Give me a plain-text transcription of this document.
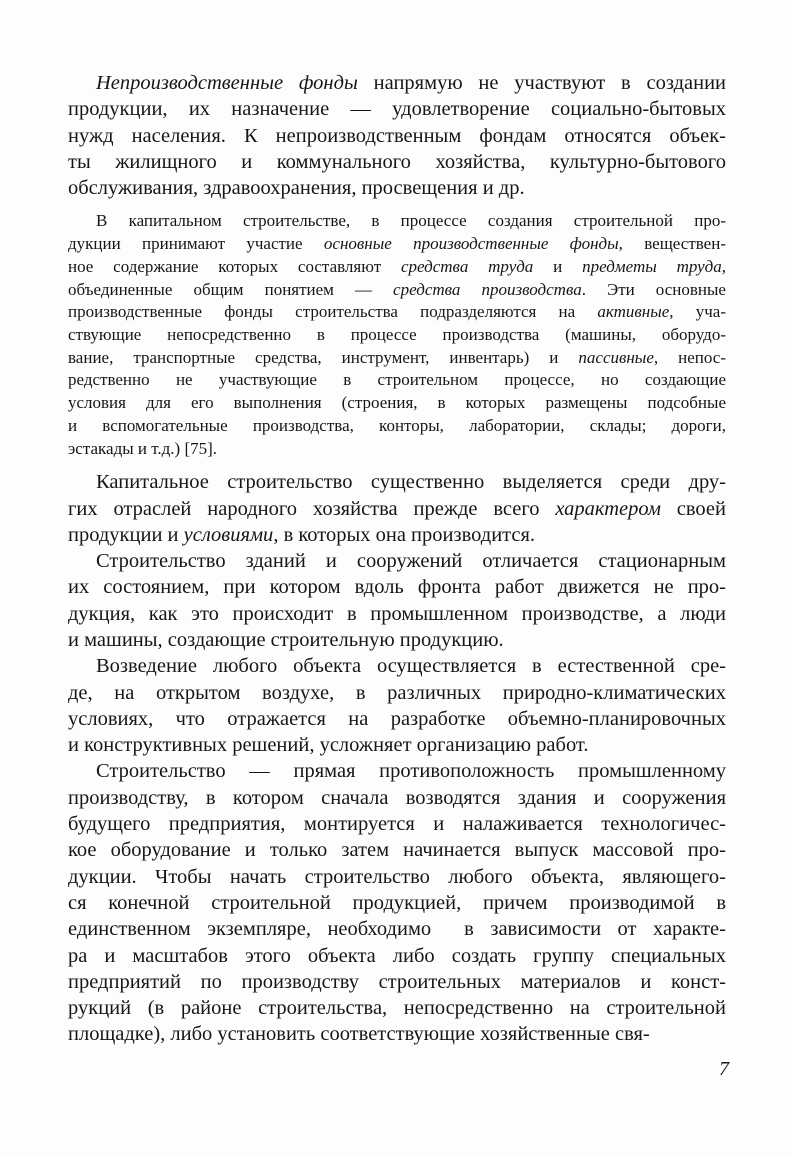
Непроизводственные фонды напрямую не участвуют в создании
продукции, их назначение — удовлетворение социально-бытовых
нужд населения. К непроизводственным фондам относятся объек-
ты жилищного и коммунального хозяйства, культурно-бытового
обслуживания, здравоохранения, просвещения и др.
В капитальном строительстве, в процессе создания строительной про-
дукции принимают участие основные производственные фонды, веществен-
ное содержание которых составляют средства труда и предметы труда,
объединенные общим понятием — средства производства. Эти основные
производственные фонды строительства подразделяются на активные, уча-
ствующие непосредственно в процессе производства (машины, оборудо-
вание, транспортные средства, инструмент, инвентарь) и пассивные, непос-
редственно не участвующие в строительном процессе, но создающие
условия для его выполнения (строения, в которых размещены подсобные
и вспомогательные производства, конторы, лаборатории, склады; дороги,
эстакады и т.д.) [75].
Капитальное строительство существенно выделяется среди дру-
гих отраслей народного хозяйства прежде всего характером своей
продукции и условиями, в которых она производится.
Строительство зданий и сооружений отличается стационарным
их состоянием, при котором вдоль фронта работ движется не про-
дукция, как это происходит в промышленном производстве, а люди
и машины, создающие строительную продукцию.
Возведение любого объекта осуществляется в естественной сре-
де, на открытом воздухе, в различных природно-климатических
условиях, что отражается на разработке объемно-планировочных
и конструктивных решений, усложняет организацию работ.
Строительство — прямая противоположность промышленному
производству, в котором сначала возводятся здания и сооружения
будущего предприятия, монтируется и налаживается технологичес-
кое оборудование и только затем начинается выпуск массовой про-
дукции. Чтобы начать строительство любого объекта, являющего-
ся конечной строительной продукцией, причем производимой в
единственном экземпляре, необходимо  в зависимости от характе-
ра и масштабов этого объекта либо создать группу специальных
предприятий по производству строительных материалов и конст-
рукций (в районе строительства, непосредственно на строительной
площадке), либо установить соответствующие хозяйственные свя-
7
